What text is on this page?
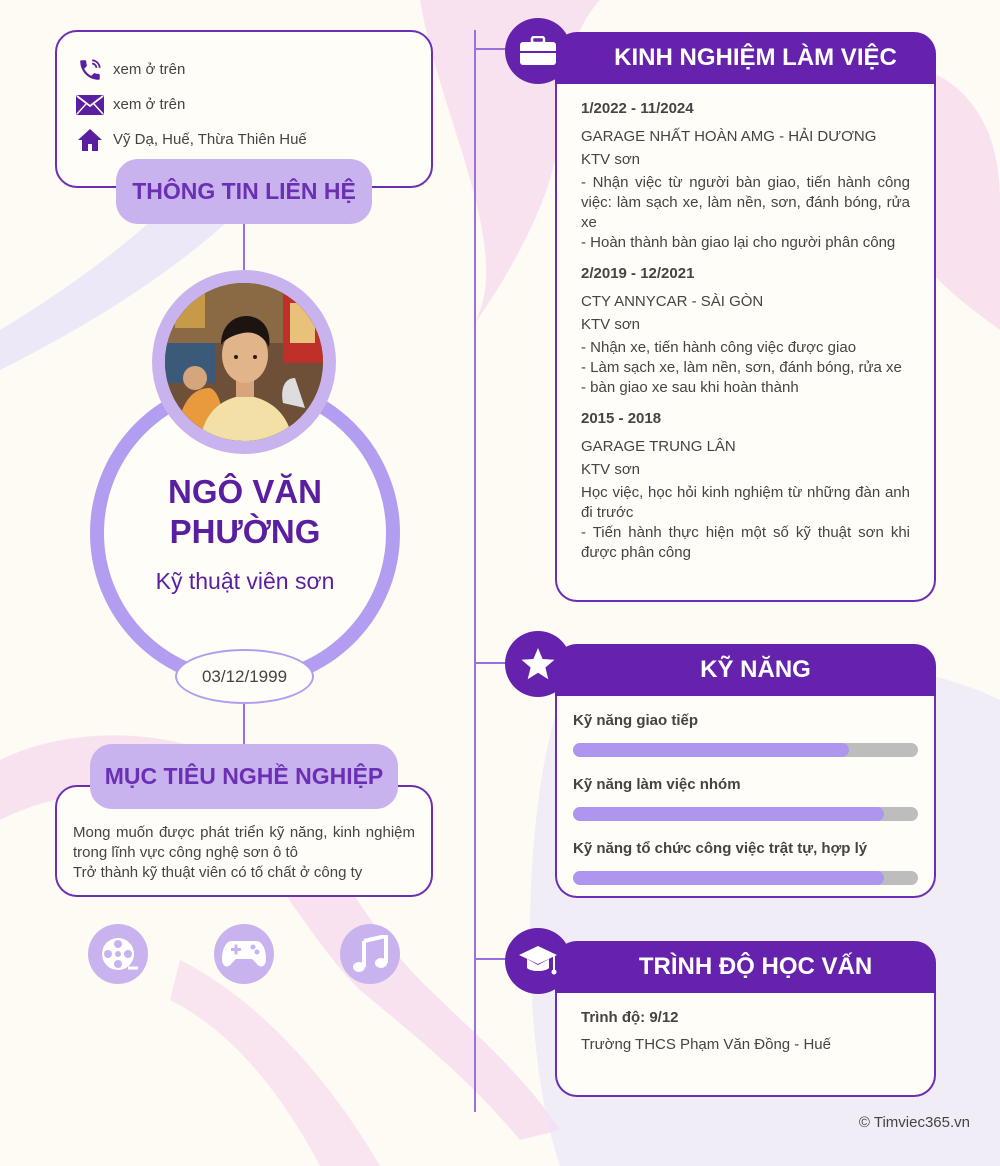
xem ở trên
xem ở trên
Vỹ Dạ, Huế, Thừa Thiên Huế
THÔNG TIN LIÊN HỆ
NGÔ VĂN PHƯỜNG
Kỹ thuật viên sơn
03/12/1999

Mong muốn được phát triển kỹ năng, kinh nghiệm trong lĩnh vực công nghệ sơn ô tô

Trở thành kỹ thuật viên có tố chất ở công ty

MỤC TIÊU NGHỀ NGHIỆP
KINH NGHIỆM LÀM VIỆC
1/2022 - 11/2024
GARAGE NHẤT HOÀN AMG - HẢI DƯƠNG
KTV sơn
- Nhận việc từ người bàn giao, tiến hành công việc: làm sạch xe, làm nền, sơn, đánh bóng, rửa xe
- Hoàn thành bàn giao lại cho người phân công
2/2019 - 12/2021
CTY ANNYCAR - SÀI GÒN
KTV sơn
- Nhận xe, tiến hành công việc được giao
- Làm sạch xe, làm nền, sơn, đánh bóng, rửa xe
- bàn giao xe sau khi hoàn thành
2015 - 2018
GARAGE TRUNG LÂN
KTV sơn
Học việc, học hỏi kinh nghiệm từ những đàn anh đi trước
- Tiến hành thực hiện một số kỹ thuật sơn khi được phân công
KỸ NĂNG
Kỹ năng giao tiếp
Kỹ năng làm việc nhóm
Kỹ năng tổ chức công việc trật tự, hợp lý
TRÌNH ĐỘ HỌC VẤN
Trình độ: 9/12
Trường THCS Phạm Văn Đồng - Huế
© Timviec365.vn
